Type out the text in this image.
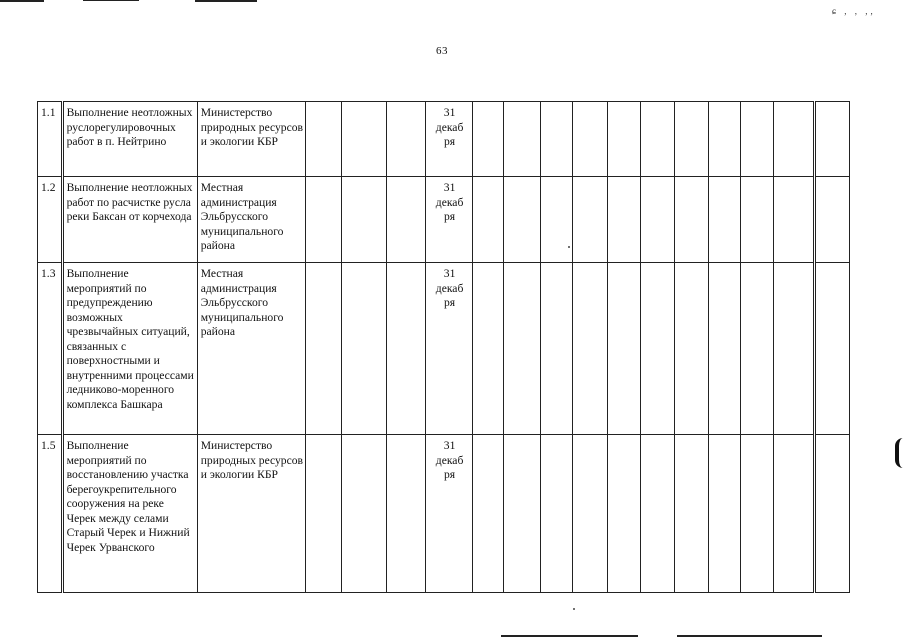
ɕ , , ,,
63
1.1	Выполнение неотложных руслорегулировочных работ в п. Нейтрино	Министерство природных ресурсов и экологии КБР				31 декаб ря											
1.2	Выполнение неотложных работ по расчистке русла реки Баксан от корчехода	Местная администрация Эльбрусского муниципального района				31 декаб ря											
1.3	Выполнение мероприятий по предупреждению возможных чрезвычайных ситуаций, связанных с поверхностными и внутренними процессами ледниково-моренного комплекса Башкара	Местная администрация Эльбрусского муниципального района				31 декаб ря											
1.5	Выполнение мероприятий по восстановлению участка берегоукрепительного сооружения на реке Черек между селами Старый Черек и Нижний Черек Урванского	Министерство природных ресурсов и экологии КБР				31 декаб ря											
